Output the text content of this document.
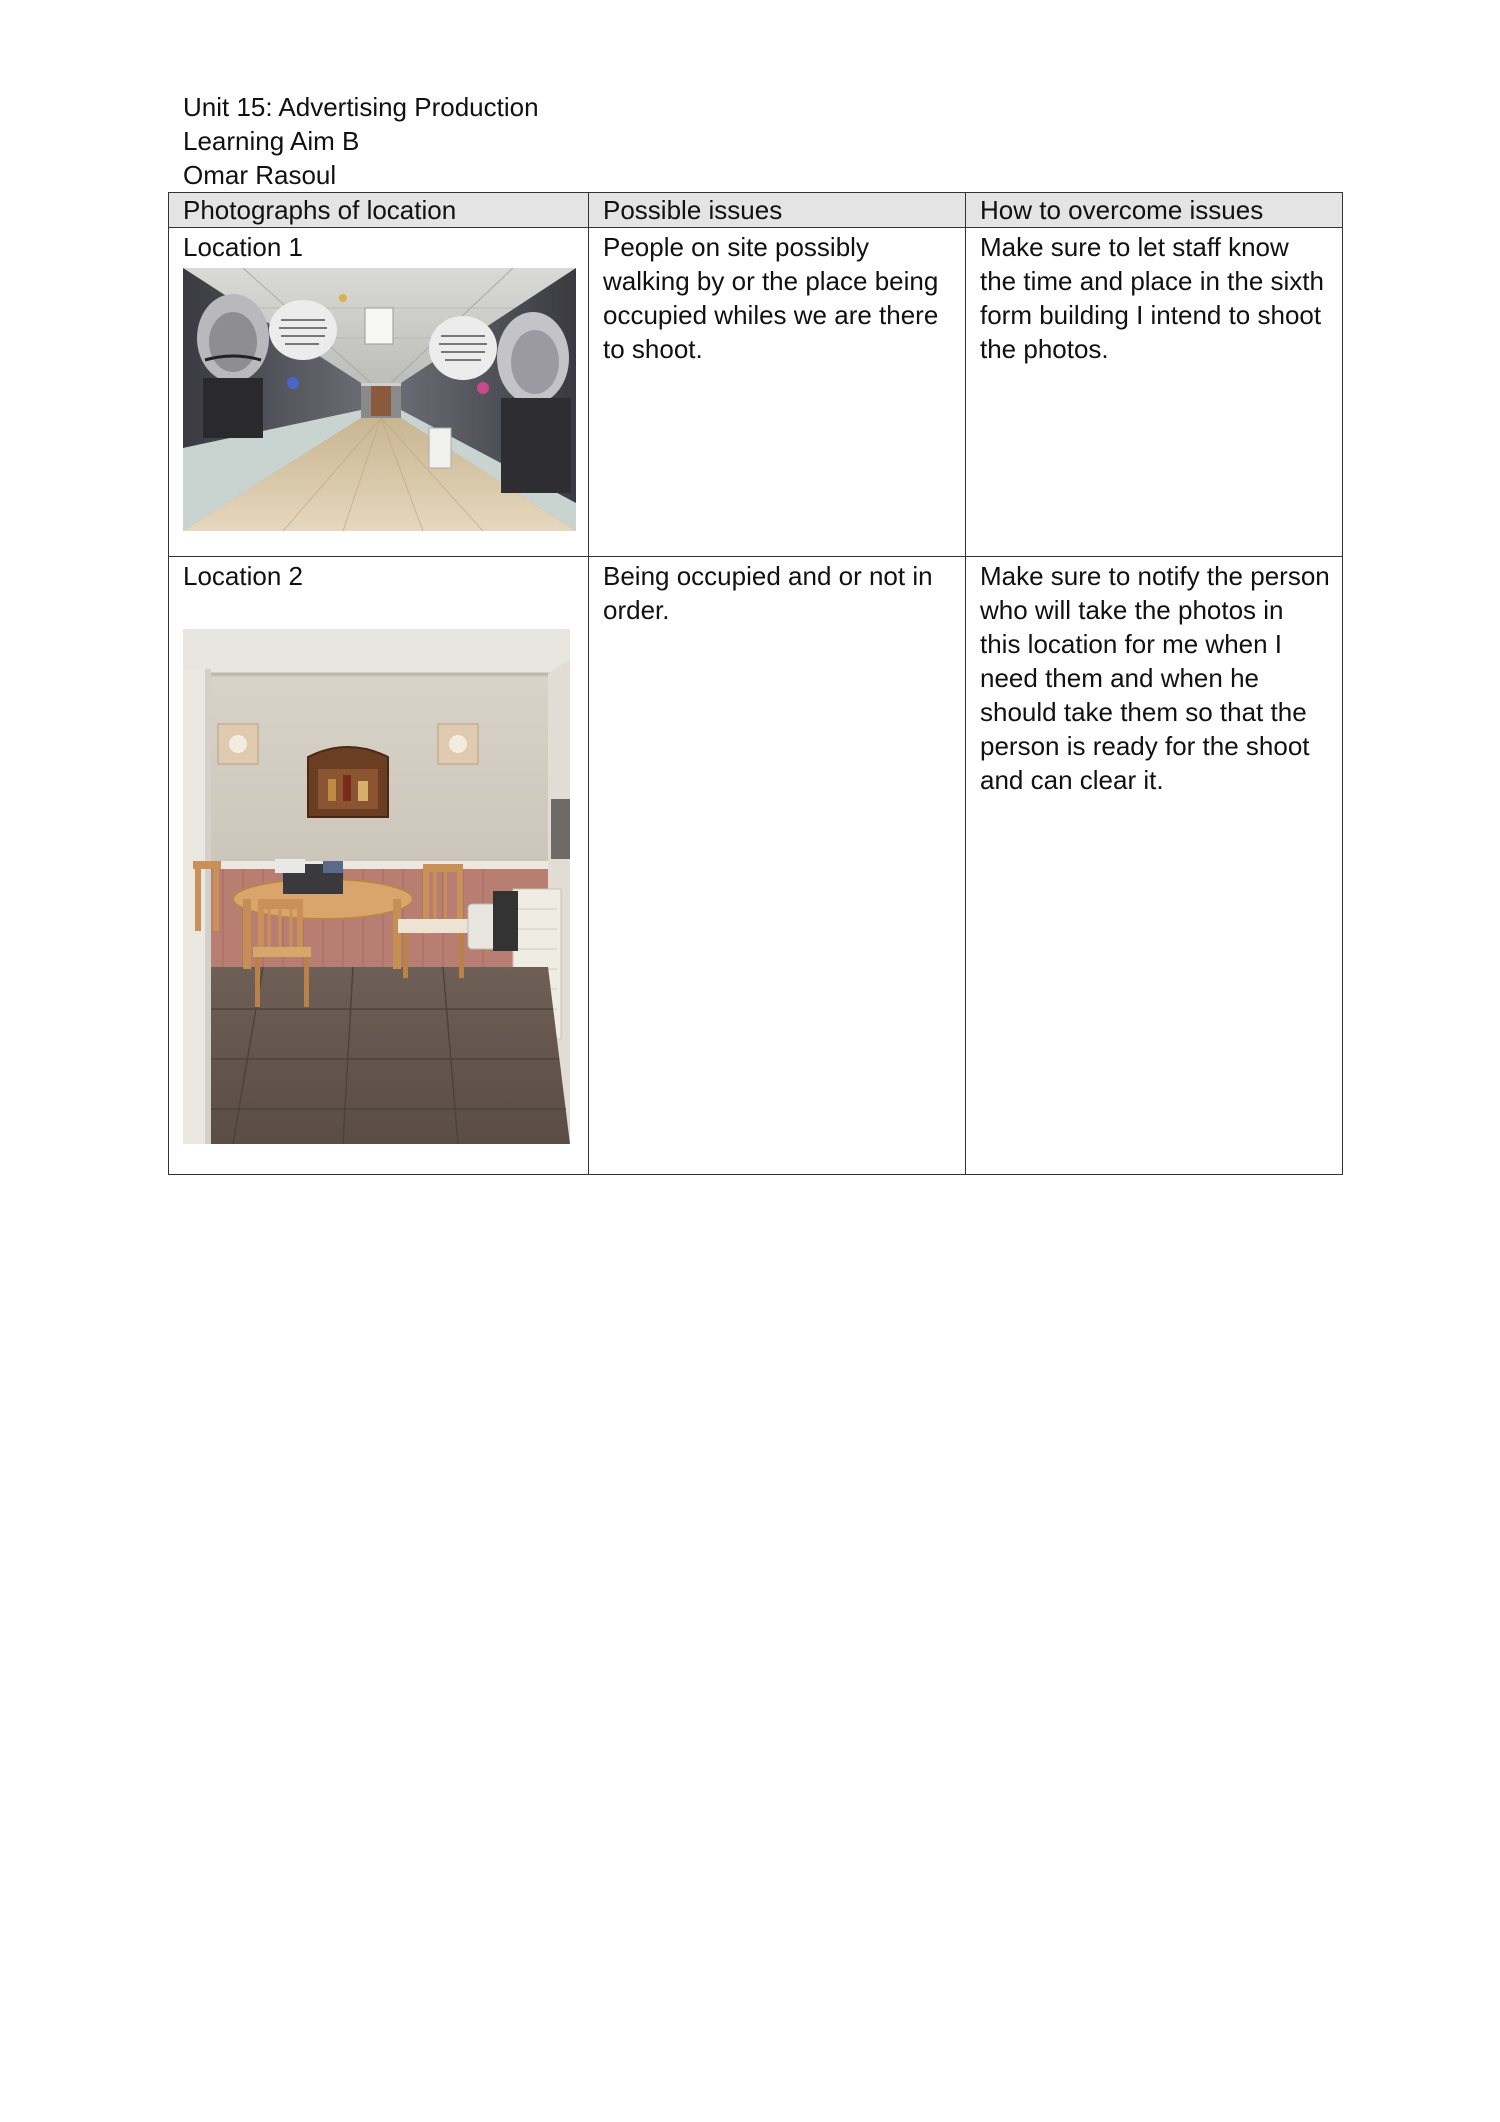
Unit 15: Advertising Production
Learning Aim B
Omar Rasoul
Photographs of location	Possible issues	How to overcome issues

Location 1	People on site possibly walking by or the place being occupied whiles we are there to shoot.	Make sure to let staff know the time and place in the sixth form building I intend to shoot the photos.

Location 2	Being occupied and or not in order.	Make sure to notify the person who will take the photos in this location for me when I need them and when he should take them so that the person is ready for the shoot and can clear it.
